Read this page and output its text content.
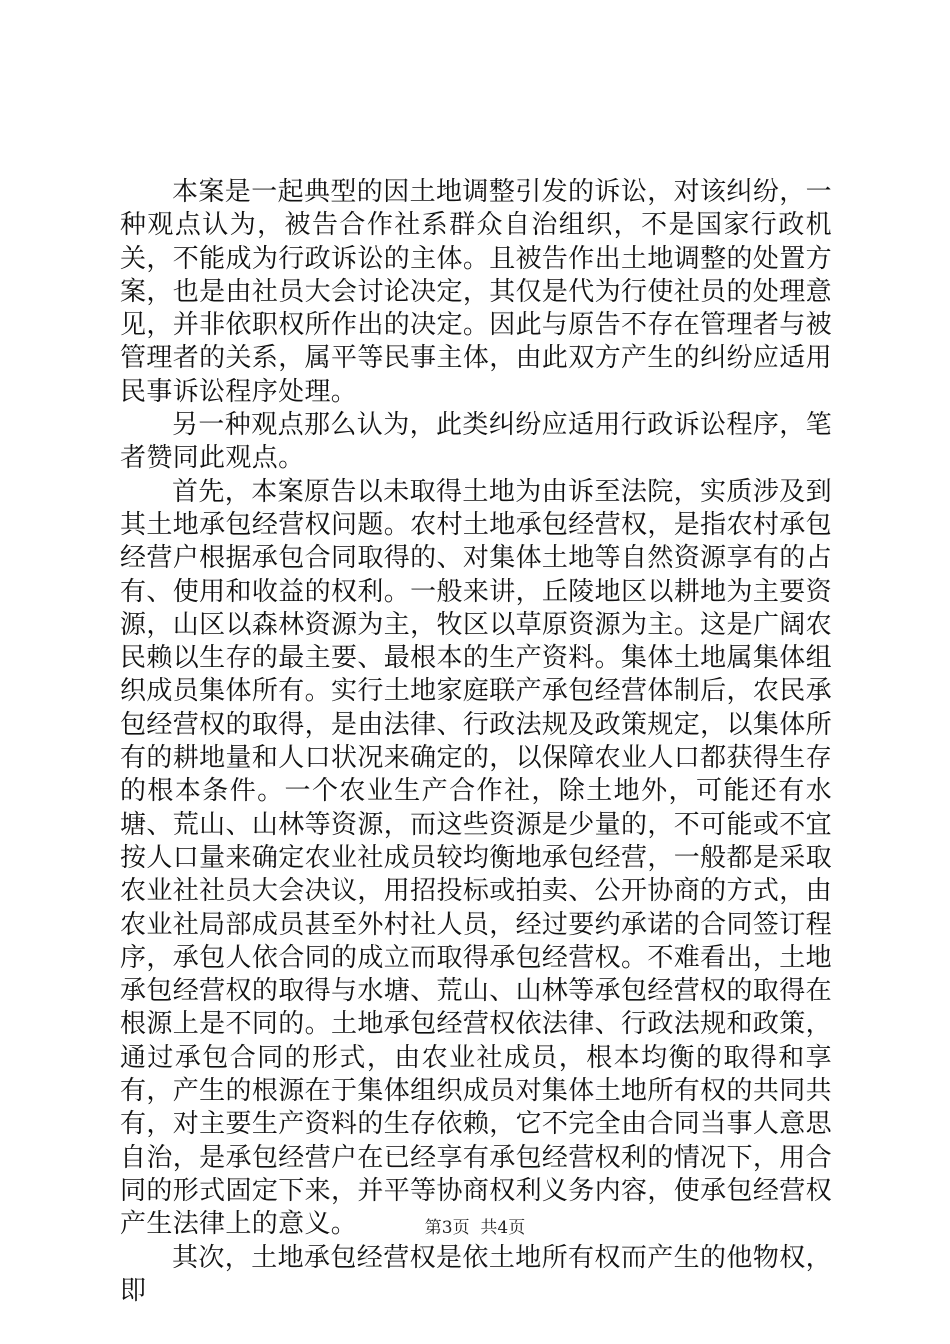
本案是一起典型的因土地调整引发的诉讼，对该纠纷，一种观点认为，被告合作社系群众自治组织，不是国家行政机关，不能成为行政诉讼的主体。且被告作出土地调整的处置方案，也是由社员大会讨论决定，其仅是代为行使社员的处理意见，并非依职权所作出的决定。因此与原告不存在管理者与被管理者的关系，属平等民事主体，由此双方产生的纠纷应适用民事诉讼程序处理。

另一种观点那么认为，此类纠纷应适用行政诉讼程序，笔者赞同此观点。

首先，本案原告以未取得土地为由诉至法院，实质涉及到其土地承包经营权问题。农村土地承包经营权，是指农村承包经营户根据承包合同取得的、对集体土地等自然资源享有的占有、使用和收益的权利。一般来讲，丘陵地区以耕地为主要资源，山区以森林资源为主，牧区以草原资源为主。这是广阔农民赖以生存的最主要、最根本的生产资料。集体土地属集体组织成员集体所有。实行土地家庭联产承包经营体制后，农民承包经营权的取得，是由法律、行政法规及政策规定，以集体所有的耕地量和人口状况来确定的，以保障农业人口都获得生存的根本条件。一个农业生产合作社，除土地外，可能还有水塘、荒山、山林等资源，而这些资源是少量的，不可能或不宜按人口量来确定农业社成员较均衡地承包经营，一般都是采取农业社社员大会决议，用招投标或拍卖、公开协商的方式，由农业社局部成员甚至外村社人员，经过要约承诺的合同签订程序，承包人依合同的成立而取得承包经营权。不难看出，土地承包经营权的取得与水塘、荒山、山林等承包经营权的取得在根源上是不同的。土地承包经营权依法律、行政法规和政策，通过承包合同的形式，由农业社成员，根本均衡的取得和享有，产生的根源在于集体组织成员对集体土地所有权的共同共有，对主要生产资料的生存依赖，它不完全由合同当事人意思自治，是承包经营户在已经享有承包经营权利的情况下，用合同的形式固定下来，并平等协商权利义务内容，使承包经营权产生法律上的意义。

其次，土地承包经营权是依土地所有权而产生的他物权，即

第3页  共4页
